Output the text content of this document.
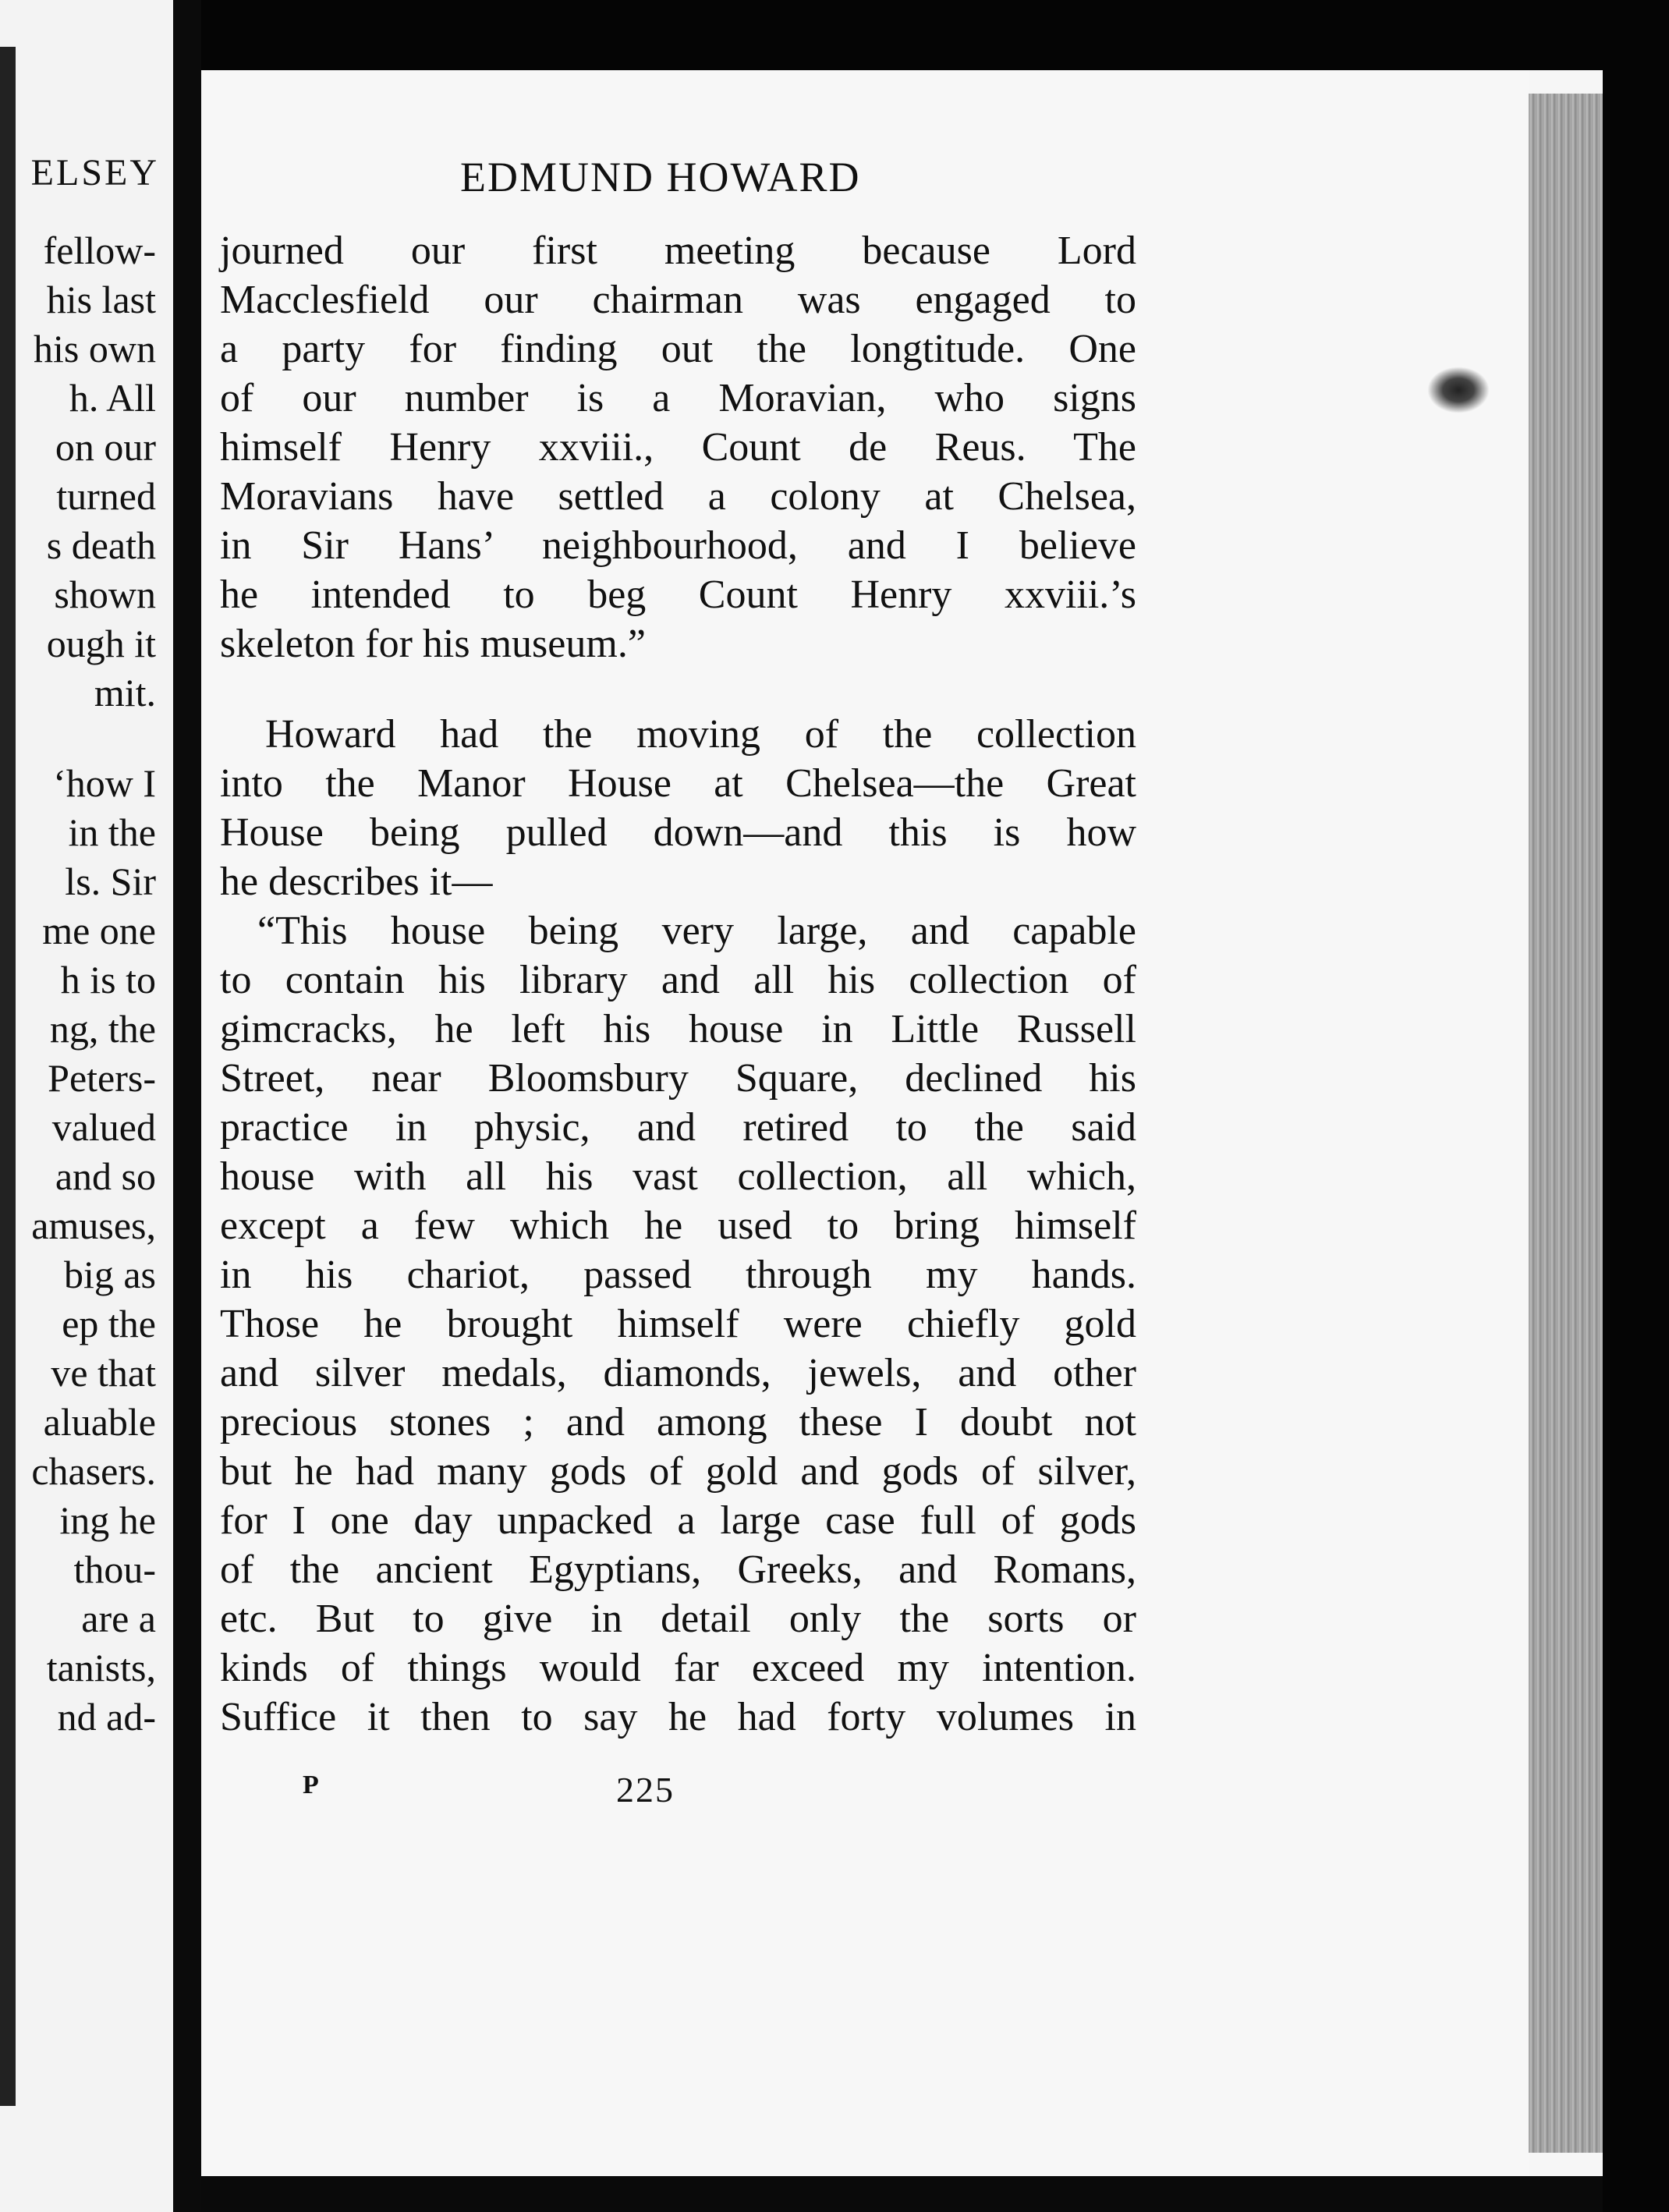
ELSEY
fellow-
his last
his own
h. All
on our
turned
s death
shown
ough it
mit.
‘how I
in the
ls. Sir
me one
h is to
ng, the
Peters-
valued
and so
amuses,
big as
ep the
ve that
aluable
chasers.
ing he
thou-
are a
tanists,
nd ad-
EDMUND HOWARD
journed our first meeting because Lord
Macclesfield our chairman was engaged to
a party for finding out the longtitude. One
of our number is a Moravian, who signs
himself Henry xxviii., Count de Reus. The
Moravians have settled a colony at Chelsea,
in Sir Hans’ neighbourhood, and I believe
he intended to beg Count Henry xxviii.’s
skeleton for his museum.”
Howard had the moving of the collection
into the Manor House at Chelsea—the Great
House being pulled down—and this is how
he describes it—
“This house being very large, and capable
to contain his library and all his collection of
gimcracks, he left his house in Little Russell
Street, near Bloomsbury Square, declined his
practice in physic, and retired to the said
house with all his vast collection, all which,
except a few which he used to bring himself
in his chariot, passed through my hands.
Those he brought himself were chiefly gold
and silver medals, diamonds, jewels, and other
precious stones ; and among these I doubt not
but he had many gods of gold and gods of silver,
for I one day unpacked a large case full of gods
of the ancient Egyptians, Greeks, and Romans,
etc. But to give in detail only the sorts or
kinds of things would far exceed my intention.
Suffice it then to say he had forty volumes in
P	225
